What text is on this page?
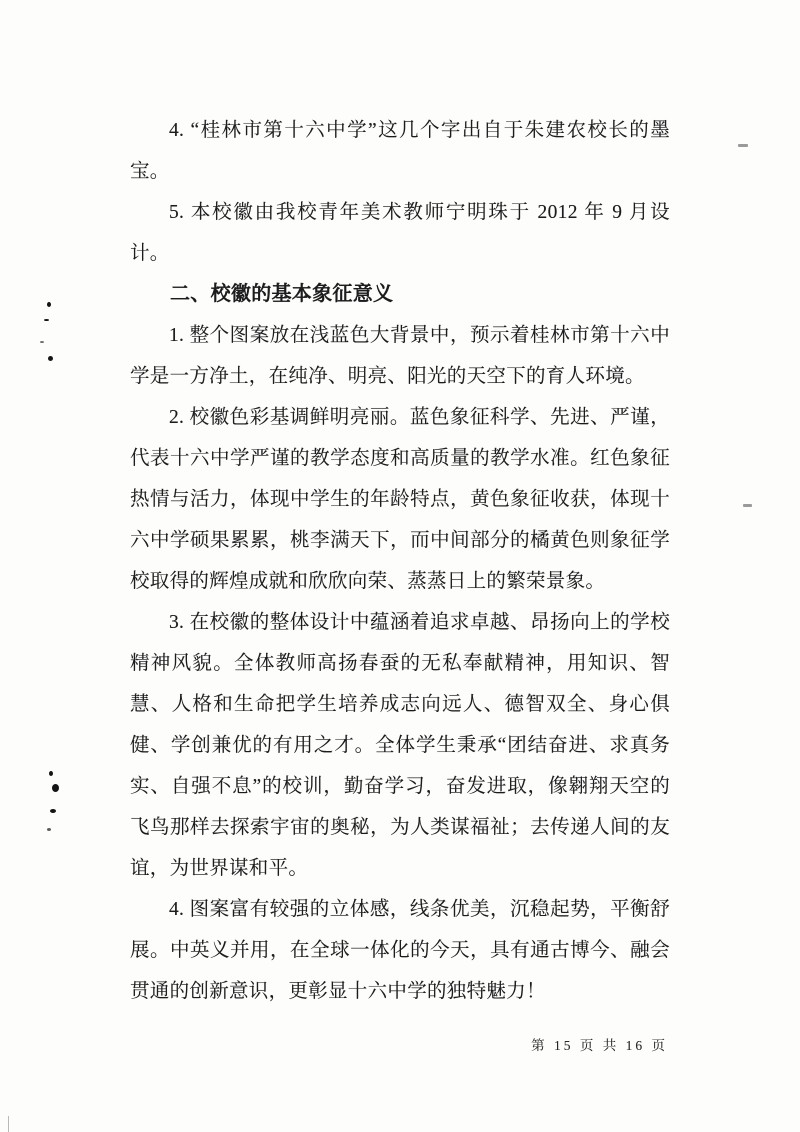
4. “桂林市第十六中学”这几个字出自于朱建农校长的墨宝。

5. 本校徽由我校青年美术教师宁明珠于 2012 年 9 月设计。

二、校徽的基本象征意义

1. 整个图案放在浅蓝色大背景中，预示着桂林市第十六中学是一方净土，在纯净、明亮、阳光的天空下的育人环境。

2. 校徽色彩基调鲜明亮丽。蓝色象征科学、先进、严谨，代表十六中学严谨的教学态度和高质量的教学水准。红色象征热情与活力，体现中学生的年龄特点，黄色象征收获，体现十六中学硕果累累，桃李满天下，而中间部分的橘黄色则象征学校取得的辉煌成就和欣欣向荣、蒸蒸日上的繁荣景象。

3. 在校徽的整体设计中蕴涵着追求卓越、昂扬向上的学校精神风貌。全体教师高扬春蚕的无私奉献精神，用知识、智慧、人格和生命把学生培养成志向远人、德智双全、身心俱健、学创兼优的有用之才。全体学生秉承“团结奋进、求真务实、自强不息”的校训，勤奋学习，奋发进取，像翱翔天空的飞鸟那样去探索宇宙的奥秘，为人类谋福祉；去传递人间的友谊，为世界谋和平。

4. 图案富有较强的立体感，线条优美，沉稳起势，平衡舒展。中英义并用，在全球一体化的今天，具有通古博今、融会贯通的创新意识，更彰显十六中学的独特魅力！

第 15 页 共 16 页
